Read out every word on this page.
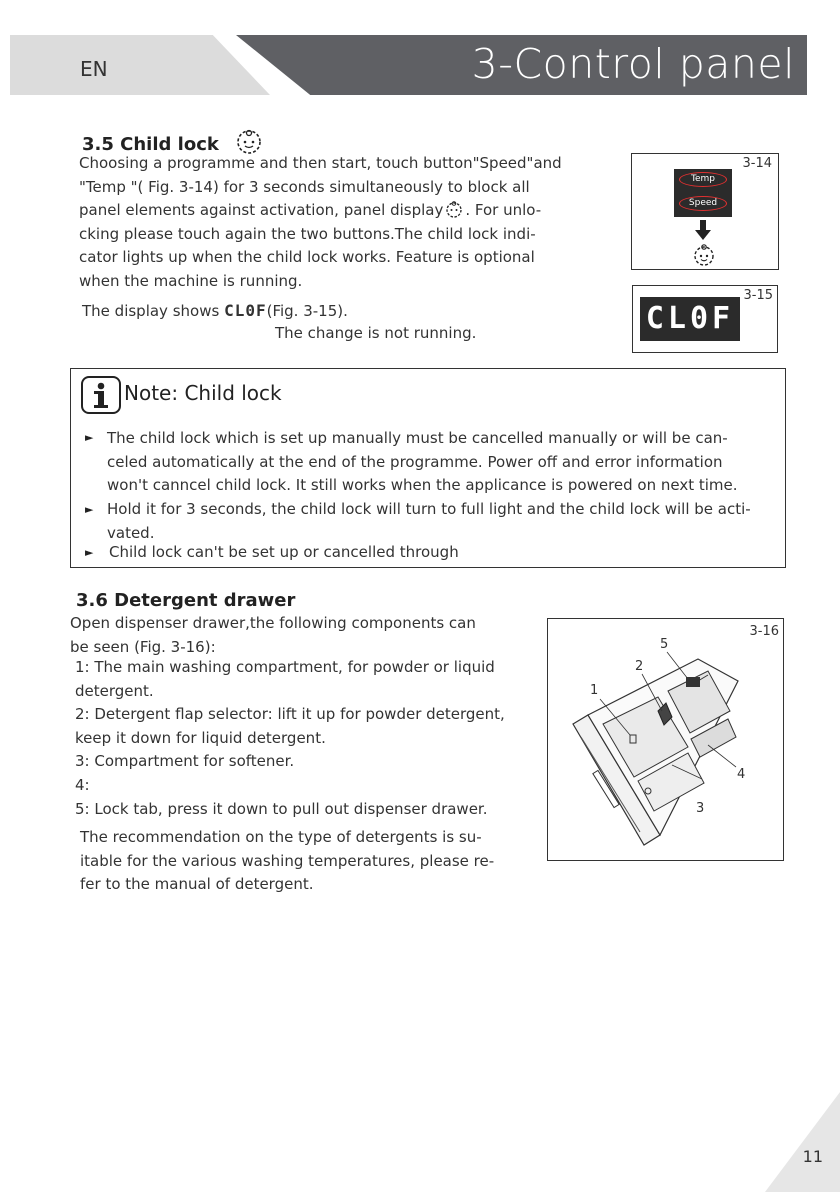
EN	3-Control panel
3.5 Child lock
Choosing a programme and then start, touch button"Speed"and
"Temp "( Fig. 3-14) for 3 seconds simultaneously to block all
panel elements against activation, panel display . For unlo-
cking please touch again the two buttons.The child lock indi-
cator lights up when the child lock works. Feature is optional
when the machine is running.
The display shows CL0F(Fig. 3-15).
The change is not running.
3-14
Temp
Speed
3-15
CL0F
Note: Child lock
► The child lock which is set up manually must be cancelled manually or will be can-
celed automatically at the end of the programme. Power off and error information
won't canncel child lock. It still works when the applicance is powered on next time.
► Hold it for 3 seconds, the child lock will turn to full light and the child lock will be acti-
vated.
► Child lock can't be set up or cancelled through
3.6 Detergent drawer
Open dispenser drawer,the following components can
be seen (Fig. 3-16):
1: The main washing compartment, for powder or liquid
detergent.
2: Detergent flap selector: lift it up for powder detergent,
keep it down for liquid detergent.
3: Compartment for softener.
4:
5: Lock tab, press it down to pull out dispenser drawer.
The recommendation on the type of detergents is su-
itable for the various washing temperatures, please re-
fer to the manual of detergent.
3-16
1
2
3
4
5
11
